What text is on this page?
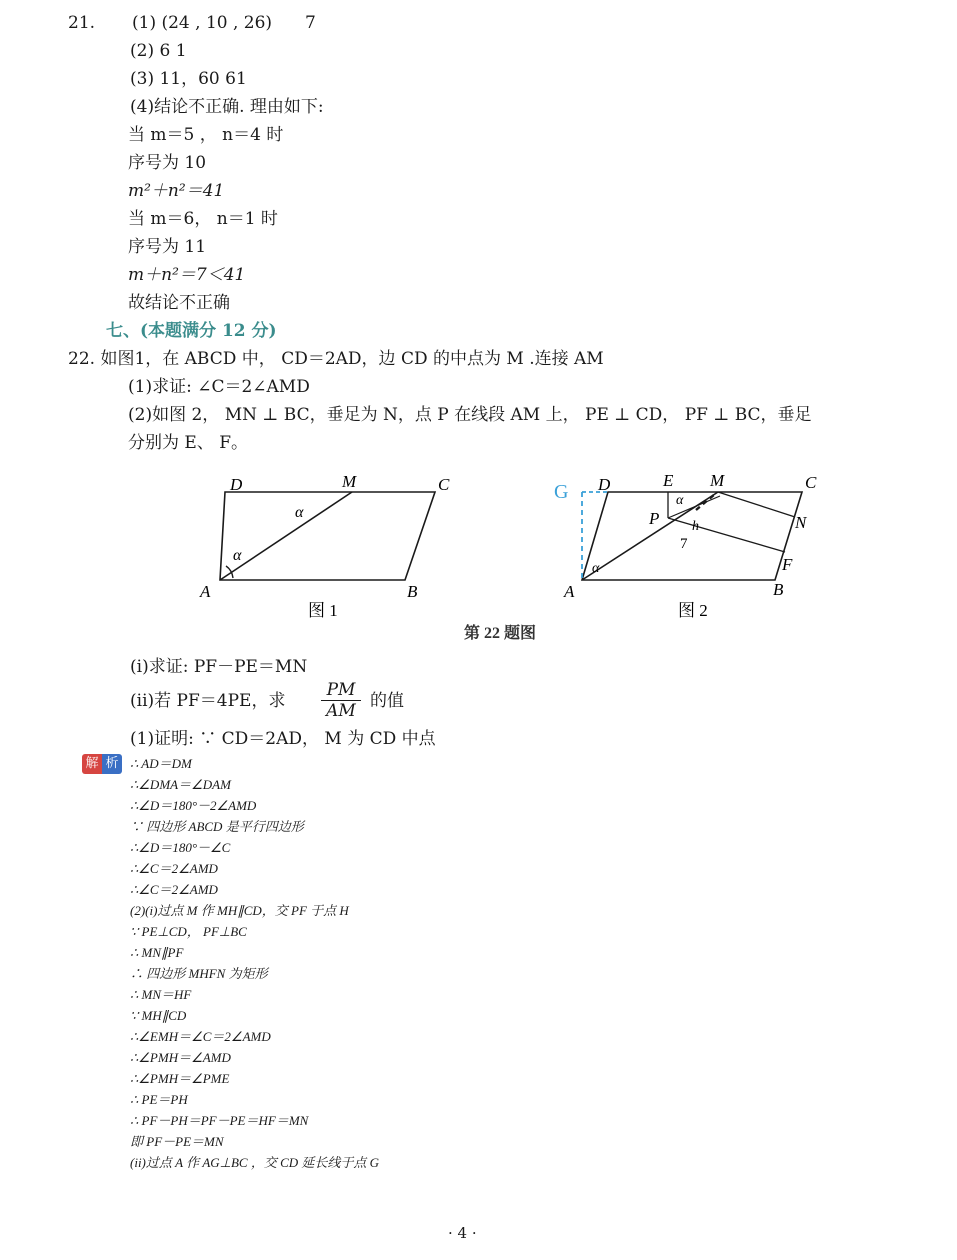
21. (1) (24 , 10 , 26) 7
(2) 6 1
(3) 11，60 61
(4)结论不正确. 理由如下:
当 m＝5 ， n＝4 时
序号为 10
m²＋n²＝41
当 m＝6， n＝1 时
序号为 11
m＋n²＝7＜41
故结论不正确
七、(本题满分 12 分)
22. 如图1，在 ABCD 中， CD＝2AD，边 CD 的中点为 M .连接 AM
(1)求证: ∠C＝2∠AMD
(2)如图 2， MN ⊥ BC，垂足为 N，点 P 在线段 AM 上， PE ⊥ CD， PF ⊥ BC，垂足
分别为 E、 F。
D	M	C
A	B
α
α
图 1
G D	E M	C
P	N
F
A	B
α
h
7
α
图 2
第 22 题图
(i)求证: PF－PE＝MN
(ii)若 PF＝4PE，求 $\frac{PM}{AM}$ 的值
(1)证明: ∵ CD＝2AD， M 为 CD 中点
解 析 ∴ AD＝DM
∴∠DMA＝∠DAM
∴∠D＝180°－2∠AMD
∵ 四边形 ABCD 是平行四边形
∴∠D＝180°－∠C
∴∠C＝2∠AMD
∴∠C＝2∠AMD
(2)(i)过点 M 作 MH∥CD，交 PF 于点 H
∵ PE⊥CD， PF⊥BC
∴ MN∥PF
∴ 四边形 MHFN 为矩形
∴ MN＝HF
∵ MH∥CD
∴∠EMH＝∠C＝2∠AMD
∴∠PMH＝∠AMD
∴∠PMH＝∠PME
∴ PE＝PH
∴ PF－PH＝PF－PE＝HF＝MN
即 PF－PE＝MN
(ii)过点 A 作 AG⊥BC ，交 CD 延长线于点 G
· 4 ·
